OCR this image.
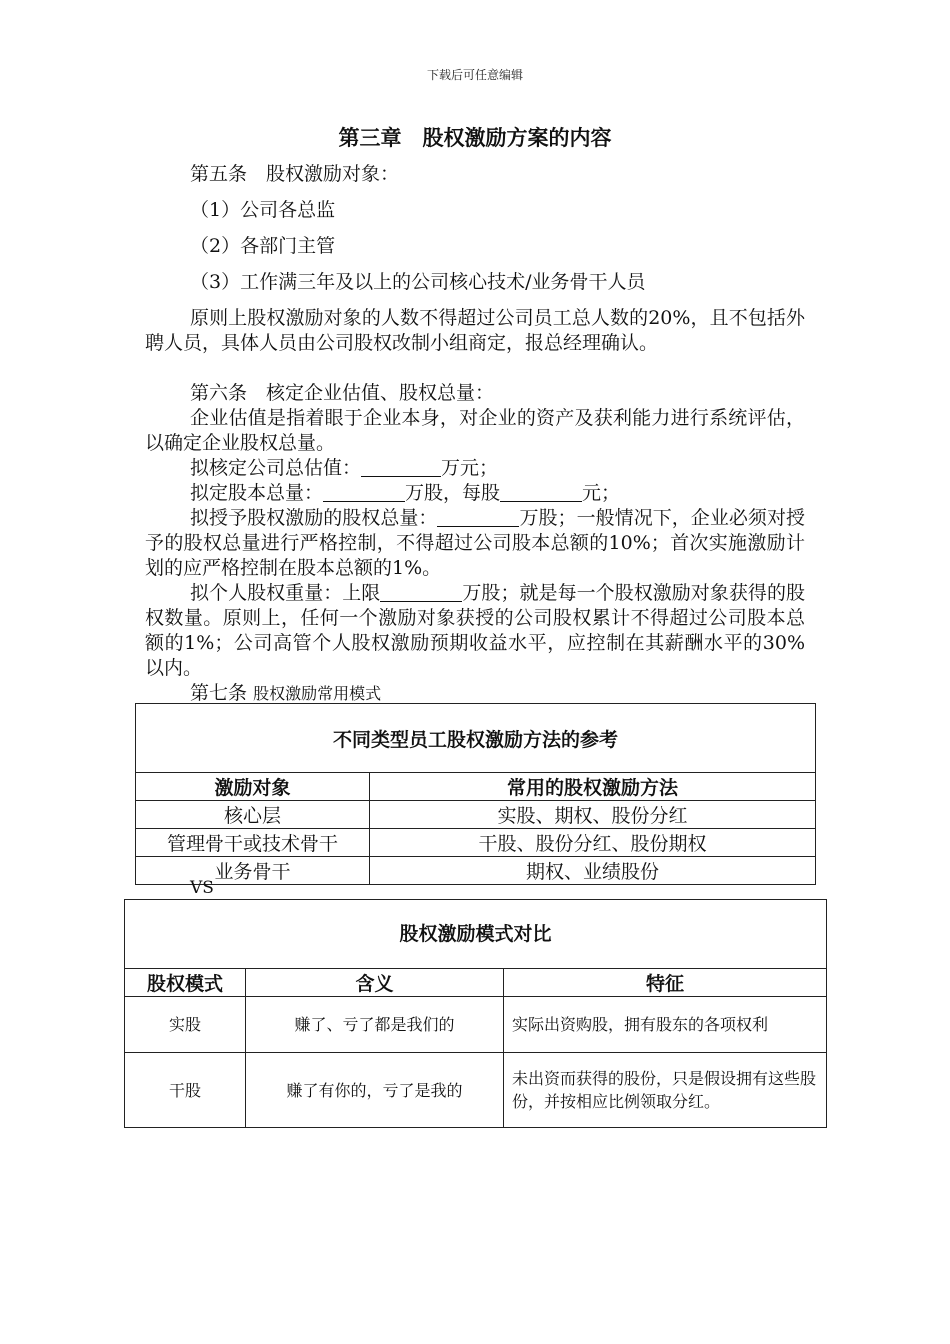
下载后可任意编辑
第三章　股权激励方案的内容
第五条　股权激励对象：
（1）公司各总监
（2）各部门主管
（3）工作满三年及以上的公司核心技术/业务骨干人员
原则上股权激励对象的人数不得超过公司员工总人数的20%，且不包括外聘人员，具体人员由公司股权改制小组商定，报总经理确认。
第六条　核定企业估值、股权总量：
企业估值是指着眼于企业本身，对企业的资产及获利能力进行系统评估，以确定企业股权总量。
拟核定公司总估值：	万元；
拟定股本总量：	万股，每股	元；
拟授予股权激励的股权总量：	万股；一般情况下，企业必须对授予的股权总量进行严格控制，不得超过公司股本总额的10%；首次实施激励计划的应严格控制在股本总额的1%。
拟个人股权重量：上限	万股；就是每一个股权激励对象获得的股权数量。原则上，任何一个激励对象获授的公司股权累计不得超过公司股本总额的1%；公司高管个人股权激励预期收益水平，应控制在其薪酬水平的30%以内。
第七条 股权激励常用模式
不同类型员工股权激励方法的参考	
激励对象	常用的股权激励方法
核心层	实股、期权、股份分红
管理骨干或技术骨干	干股、股份分红、股份期权
业务骨干	期权、业绩股份
VS
股权激励模式对比		
股权模式	含义	特征
实股	赚了、亏了都是我们的	实际出资购股，拥有股东的各项权利
干股	赚了有你的，亏了是我的	未出资而获得的股份，只是假设拥有这些股份，并按相应比例领取分红。
